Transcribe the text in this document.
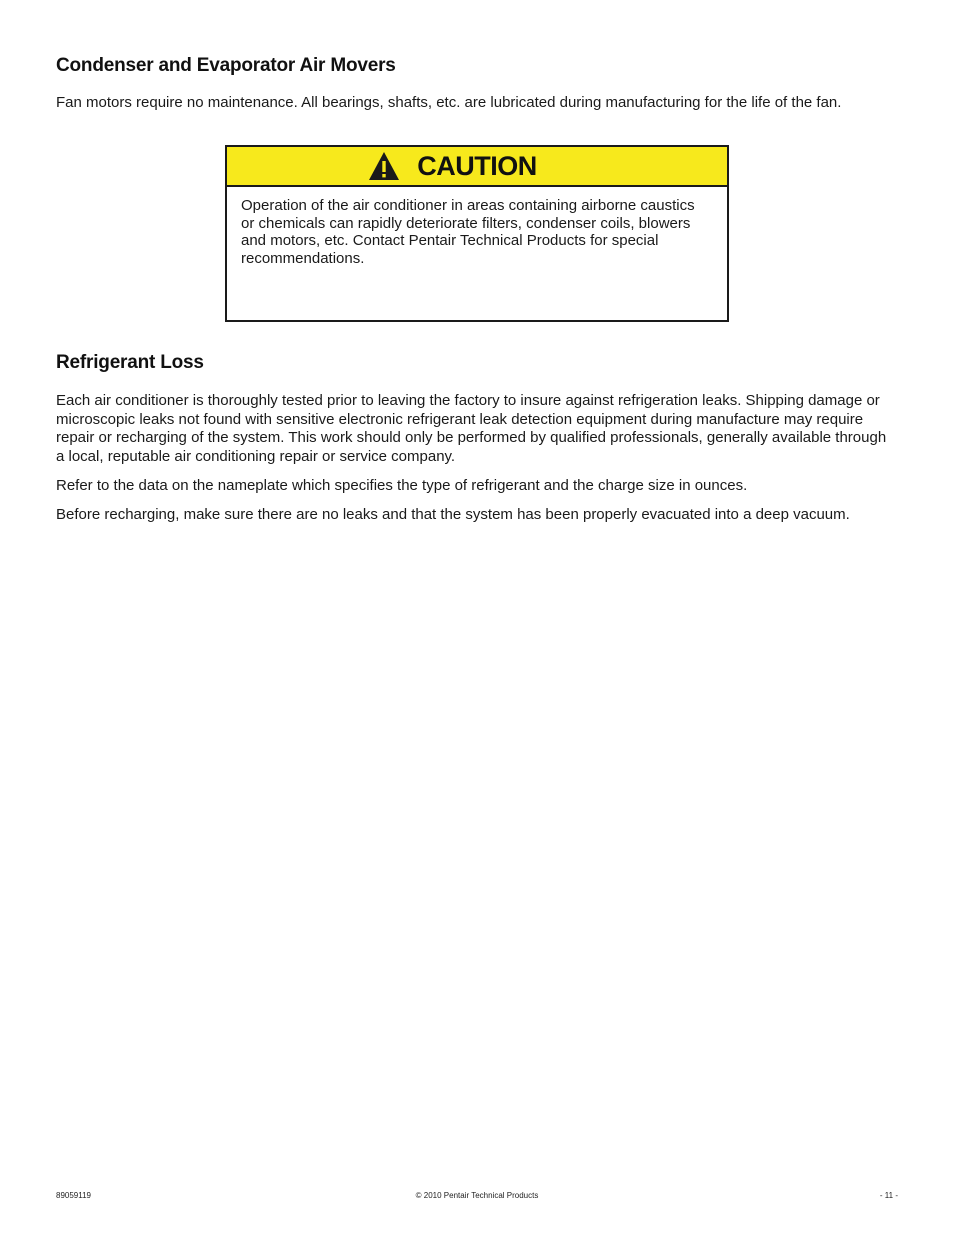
Condenser and Evaporator Air Movers

Fan motors require no maintenance. All bearings, shafts, etc. are lubricated during manufacturing for the life of the fan.

CAUTION
Operation of the air conditioner in areas containing airborne caustics or chemicals can rapidly deteriorate filters, condenser coils, blowers and motors, etc. Contact Pentair Technical Products for special recommendations.
Refrigerant Loss

Each air conditioner is thoroughly tested prior to leaving the factory to insure against refrigeration leaks. Shipping damage or microscopic leaks not found with sensitive electronic refrigerant leak detection equipment during manufacture may require repair or recharging of the system. This work should only be performed by qualified professionals, generally available through a local, reputable air conditioning repair or service company.

Refer to the data on the nameplate which specifies the type of refrigerant and the charge size in ounces.

Before recharging, make sure there are no leaks and that the system has been properly evacuated into a deep vacuum.

89059119	© 2010 Pentair Technical Products	- 11 -
